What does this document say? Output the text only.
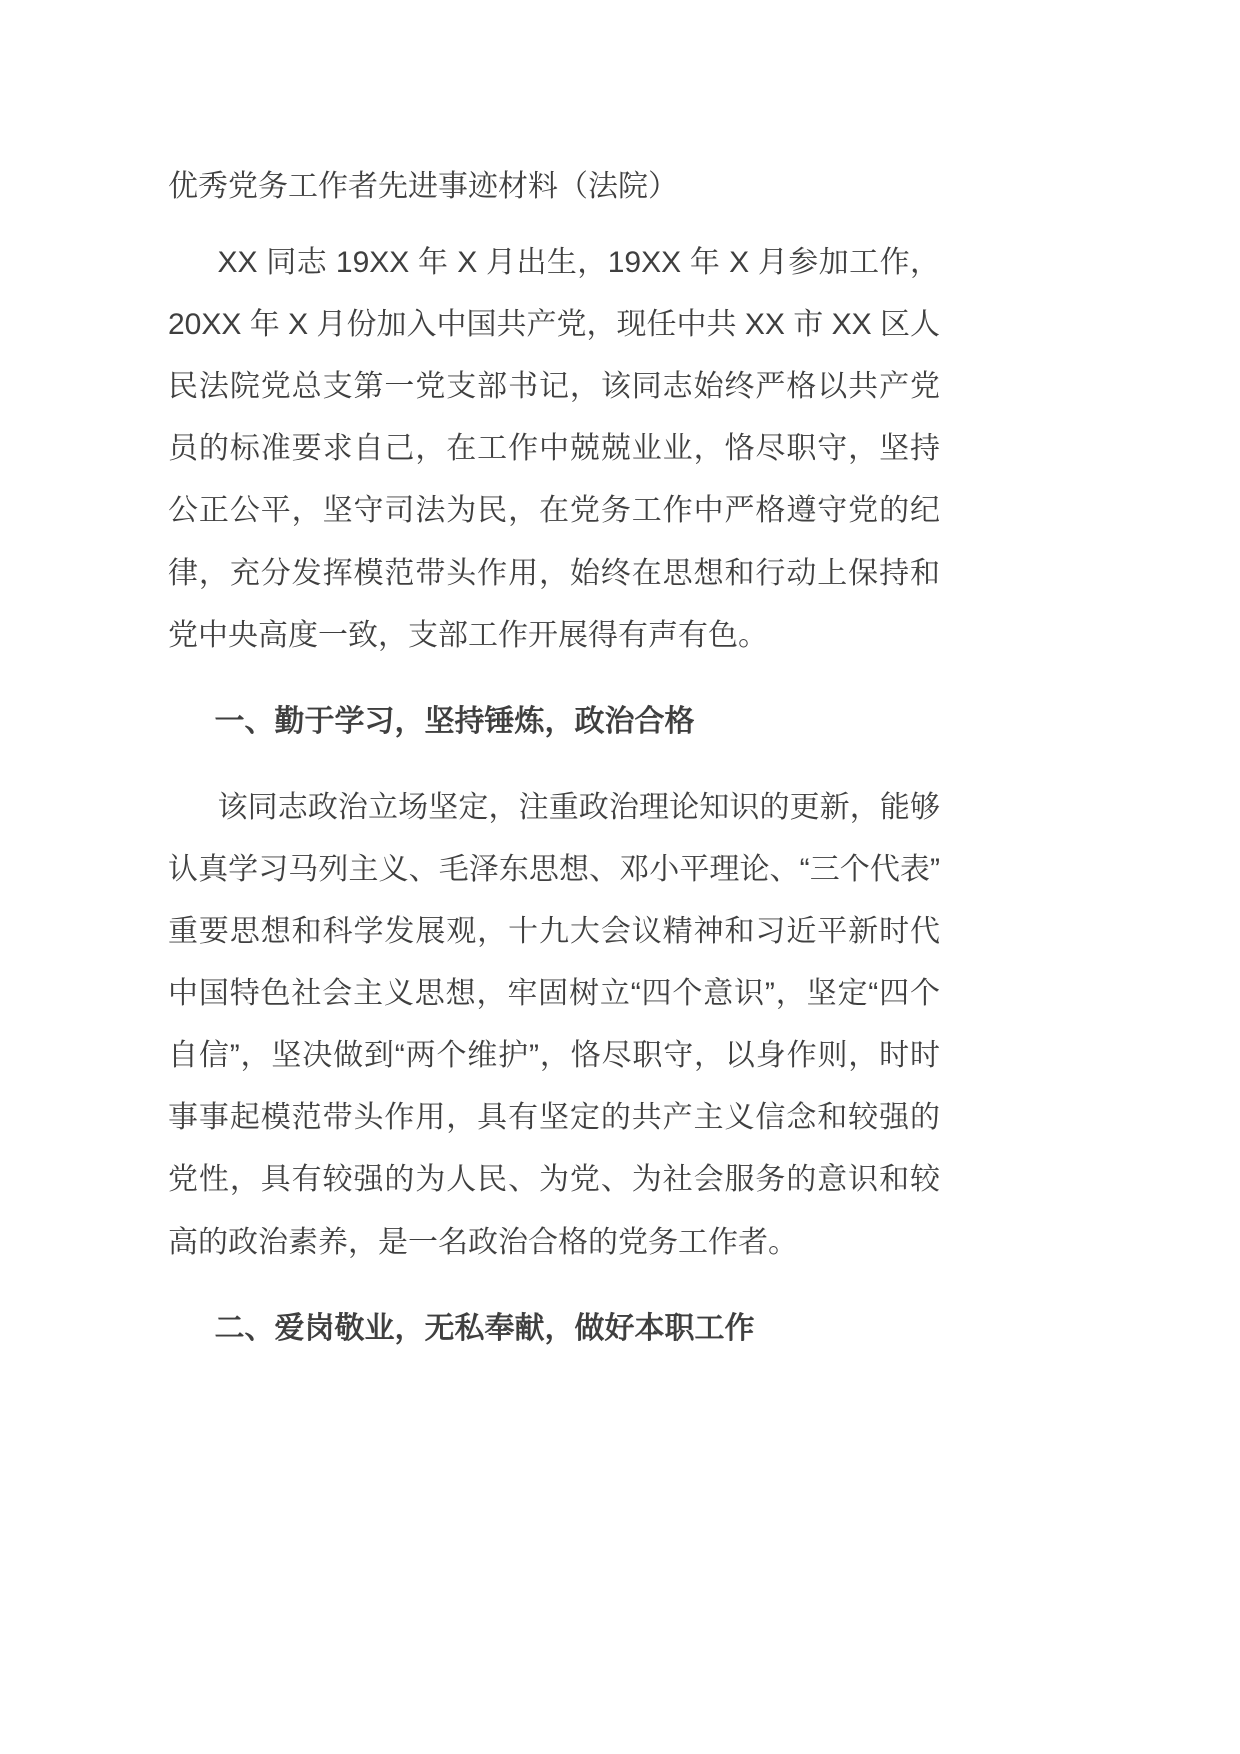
优秀党务工作者先进事迹材料（法院）

XX 同志 19XX 年 X 月出生，19XX 年 X 月参加工作，20XX 年 X 月份加入中国共产党，现任中共 XX 市 XX 区人民法院党总支第一党支部书记，该同志始终严格以共产党员的标准要求自己，在工作中兢兢业业，恪尽职守，坚持公正公平，坚守司法为民，在党务工作中严格遵守党的纪律，充分发挥模范带头作用，始终在思想和行动上保持和党中央高度一致，支部工作开展得有声有色。

一、勤于学习，坚持锤炼，政治合格

该同志政治立场坚定，注重政治理论知识的更新，能够认真学习马列主义、毛泽东思想、邓小平理论、“三个代表”重要思想和科学发展观，十九大会议精神和习近平新时代中国特色社会主义思想，牢固树立“四个意识”，坚定“四个自信”，坚决做到“两个维护”，恪尽职守，以身作则，时时事事起模范带头作用，具有坚定的共产主义信念和较强的党性，具有较强的为人民、为党、为社会服务的意识和较高的政治素养，是一名政治合格的党务工作者。

二、爱岗敬业，无私奉献，做好本职工作
